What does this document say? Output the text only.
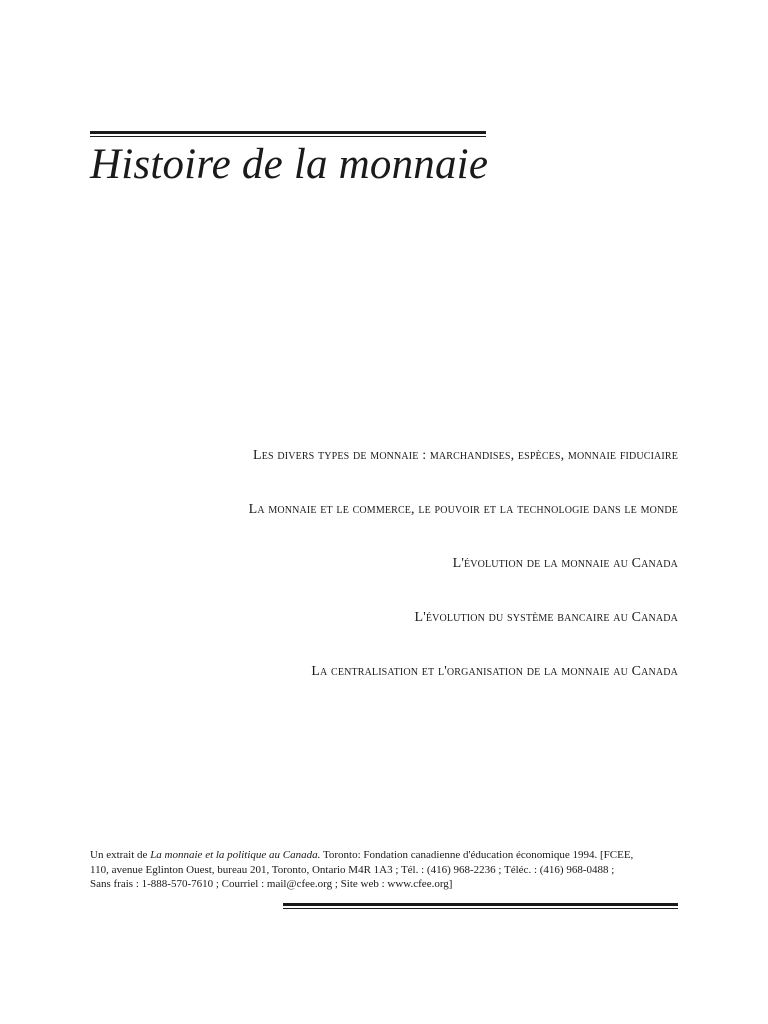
Histoire de la monnaie
Les divers types de monnaie : marchandises, espèces, monnaie fiduciaire
La monnaie et le commerce, le pouvoir et la technologie dans le monde
L'évolution de la monnaie au Canada
L'évolution du système bancaire au Canada
La centralisation et l'organisation de la monnaie au Canada
Un extrait de La monnaie et la politique au Canada. Toronto: Fondation canadienne d'éducation économique 1994. [FCEE,
110, avenue Eglinton Ouest, bureau 201, Toronto, Ontario M4R 1A3 ; Tél. : (416) 968-2236 ; Téléc. : (416) 968-0488 ;
Sans frais : 1-888-570-7610 ; Courriel : mail@cfee.org ; Site web : www.cfee.org]
